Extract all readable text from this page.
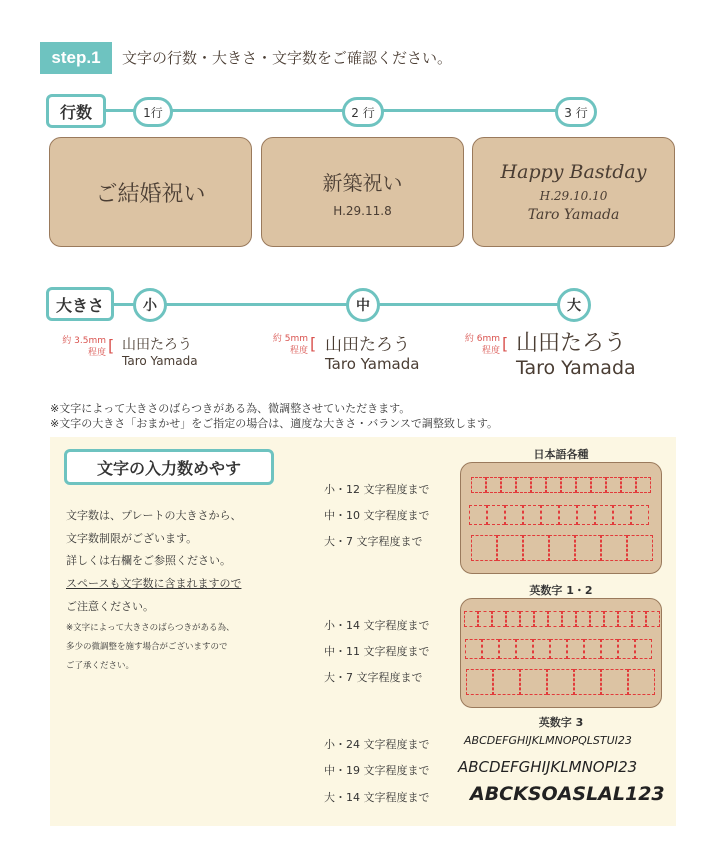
step.1	文字の行数・大きさ・文字数をご確認ください。
行数	1行	2 行	3 行
ご結婚祝い	新築祝い
H.29.11.8
Happy Bastday
H.29.10.10
Taro Yamada
大きさ	小	中	大
約 3.5mm
程度 [ 山田たろう
Taro Yamada
約 5mm
程度 [ 山田たろう
Taro Yamada
約 6mm
程度 [ 山田たろう
Taro Yamada
※文字によって大きさのばらつきがある為、微調整させていただきます。
※文字の大きさ「おまかせ」をご指定の場合は、適度な大きさ・バランスで調整致します。
文字の入力数めやす
文字数は、プレートの大きさから、
文字数制限がございます。
詳しくは右欄をご参照ください。
スペースも文字数に含まれますので
ご注意ください。
※文字によって大きさのばらつきがある為、
多少の微調整を施す場合がございますので
ご了承ください。
日本語各種
小・12 文字程度まで
中・10 文字程度まで
大・7 文字程度まで
英数字 1・2
小・14 文字程度まで
中・11 文字程度まで
大・7 文字程度まで
英数字 3
小・24 文字程度まで
中・19 文字程度まで
大・14 文字程度まで
ABCDEFGHIJKLMNOPQLSTUI23
ABCDEFGHIJKLMNOPI23
ABCKSOASLAL123
